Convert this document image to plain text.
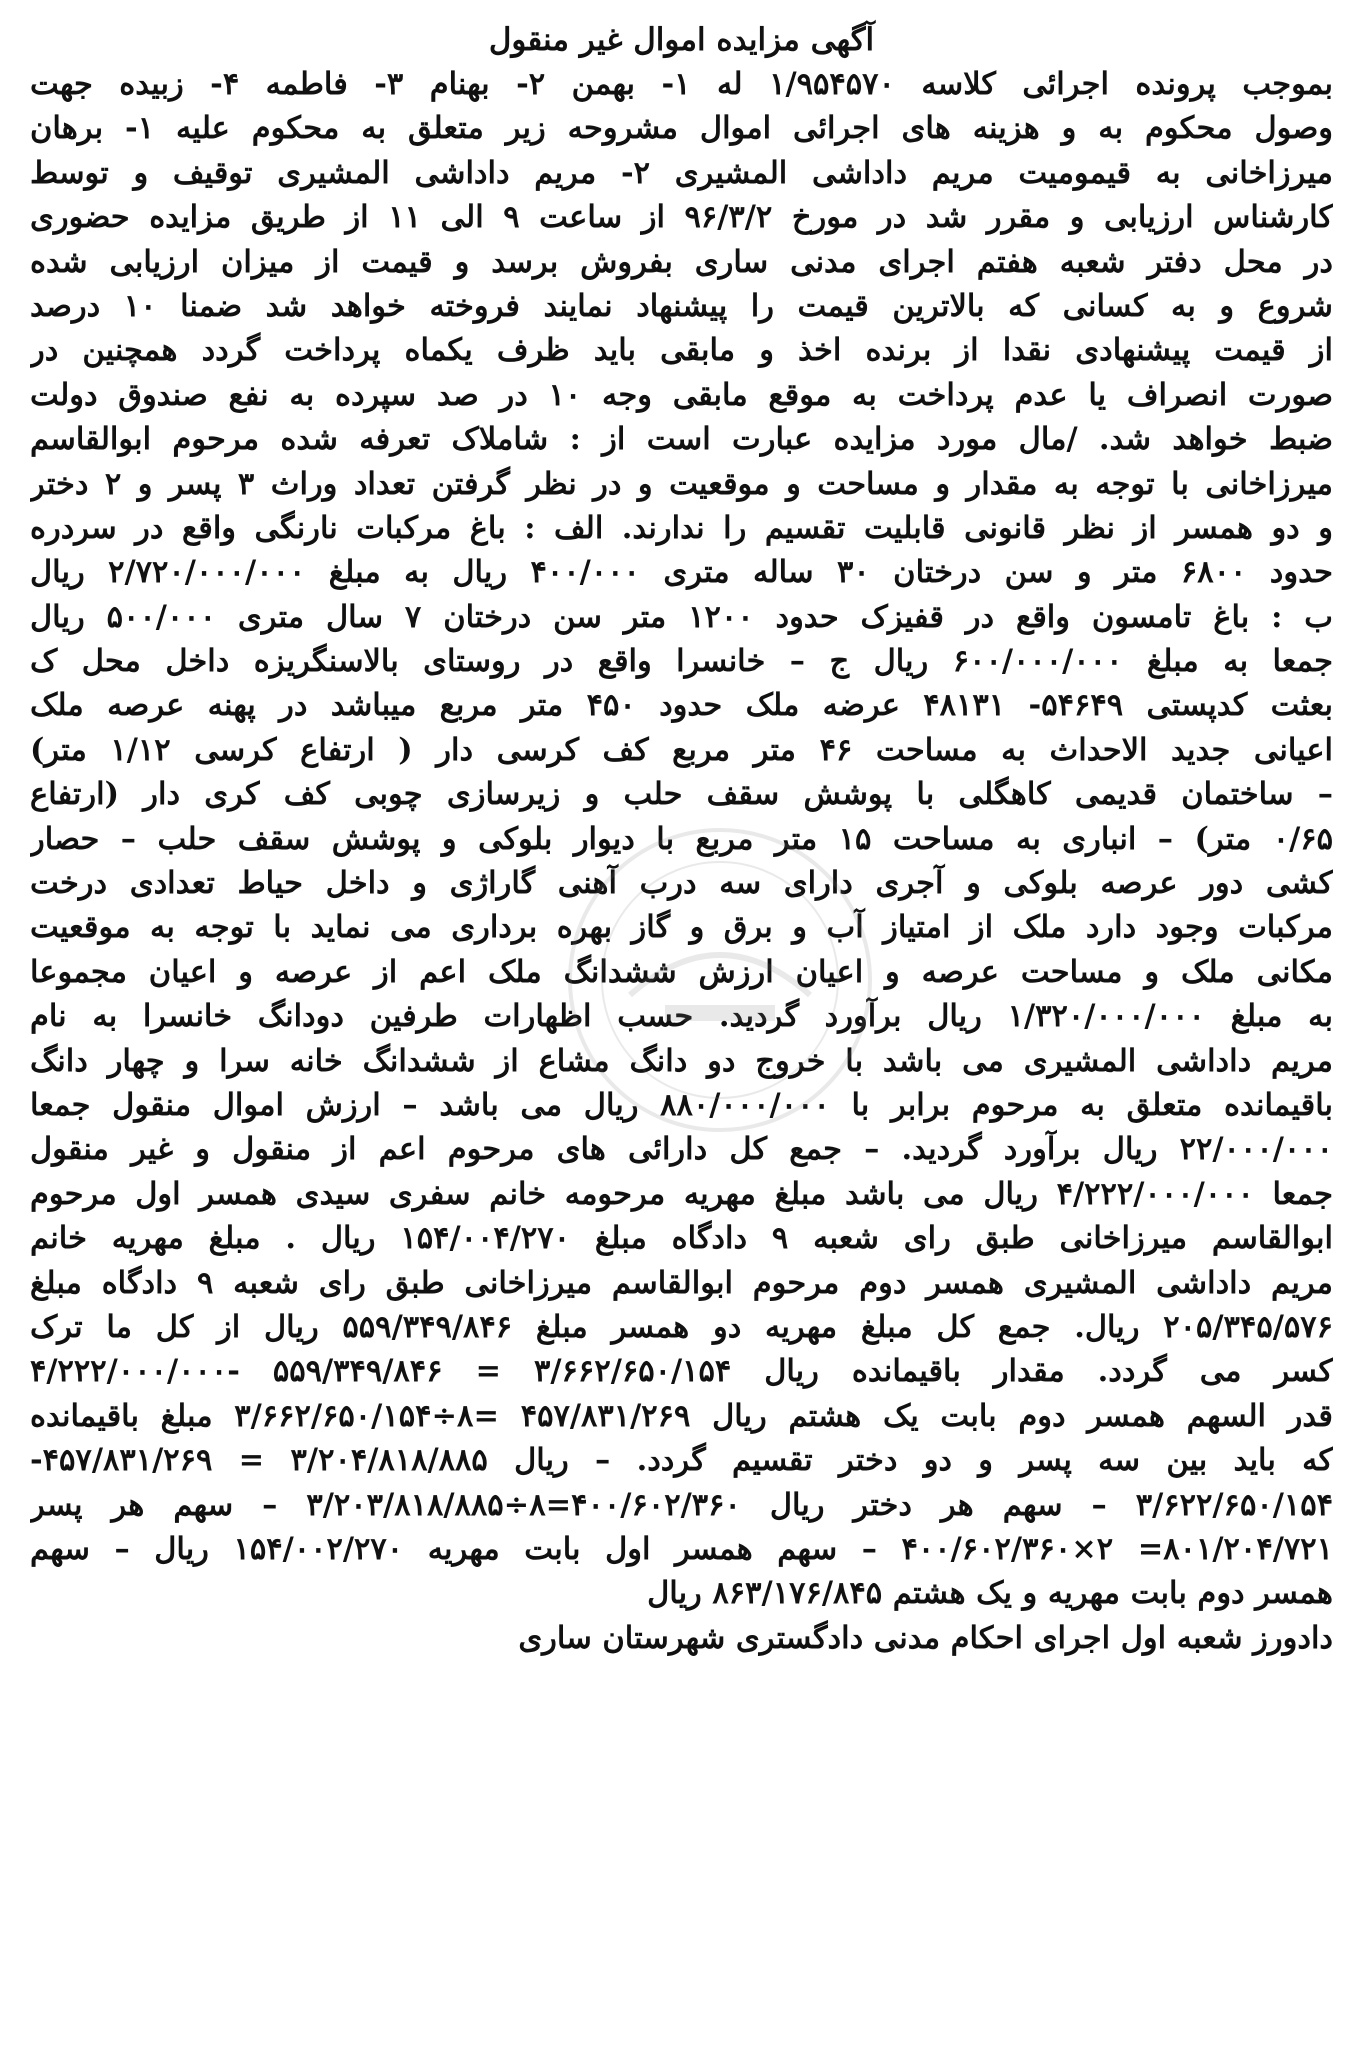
آگهی مزایده اموال غیر منقول
بموجب پرونده اجرائی کلاسه ۱/۹۵۴۵۷۰ له ۱- بهمن ۲- بهنام ۳- فاطمه ۴- زبیده جهت
وصول محکوم به و هزینه های اجرائی اموال مشروحه زیر متعلق به محکوم علیه ۱- برهان
میرزاخانی به قیمومیت مریم داداشی المشیری ۲- مریم داداشی المشیری توقیف و توسط
کارشناس ارزیابی و مقرر شد در مورخ ۹۶/۳/۲ از ساعت ۹ الی ۱۱ از طریق مزایده حضوری
در محل دفتر شعبه هفتم اجرای مدنی ساری بفروش برسد و قیمت از میزان ارزیابی شده
شروع و به کسانی که بالاترین قیمت را پیشنهاد نمایند فروخته خواهد شد ضمنا ۱۰ درصد
از قیمت پیشنهادی نقدا از برنده اخذ و مابقی باید ظرف یکماه پرداخت گردد همچنین در
صورت انصراف یا عدم پرداخت به موقع مابقی وجه ۱۰ در صد سپرده به نفع صندوق دولت
ضبط خواهد شد. /مال مورد مزایده عبارت است از : شاملاک تعرفه شده مرحوم ابوالقاسم
میرزاخانی با توجه به مقدار و مساحت و موقعیت و در نظر گرفتن تعداد وراث ۳ پسر و ۲ دختر
و دو همسر از نظر قانونی قابلیت تقسیم را ندارند. الف : باغ مرکبات نارنگی واقع در سردره
حدود ۶۸۰۰ متر و سن درختان ۳۰ ساله متری ۴۰۰/۰۰۰ ریال به مبلغ ۲/۷۲۰/۰۰۰/۰۰۰ ریال
ب : باغ تامسون واقع در قفیزک حدود ۱۲۰۰ متر سن درختان ۷ سال متری ۵۰۰/۰۰۰ ریال
جمعا به مبلغ ۶۰۰/۰۰۰/۰۰۰ ریال ج – خانسرا واقع در روستای بالاسنگریزه داخل محل ک
بعثت کدپستی ۵۴۶۴۹- ۴۸۱۳۱ عرضه ملک حدود ۴۵۰ متر مربع میباشد در پهنه عرصه ملک
اعیانی جدید الاحداث به مساحت ۴۶ متر مربع کف کرسی دار ( ارتفاع کرسی ۱/۱۲ متر)
– ساختمان قدیمی کاهگلی با پوشش سقف حلب و زیرسازی چوبی کف کری دار (ارتفاع
۰/۶۵ متر) – انباری به مساحت ۱۵ متر مربع با دیوار بلوکی و پوشش سقف حلب – حصار
کشی دور عرصه بلوکی و آجری دارای سه درب آهنی گاراژی و داخل حیاط تعدادی درخت
مرکبات وجود دارد ملک از امتیاز آب و برق و گاز بهره برداری می نماید با توجه به موقعیت
مکانی ملک و مساحت عرصه و اعیان ارزش ششدانگ ملک اعم از عرصه و اعیان مجموعا
به مبلغ ۱/۳۲۰/۰۰۰/۰۰۰ ریال برآورد گردید. حسب اظهارات طرفین دودانگ خانسرا به نام
مریم داداشی المشیری می باشد با خروج دو دانگ مشاع از ششدانگ خانه سرا و چهار دانگ
باقیمانده متعلق به مرحوم برابر با ۸۸۰/۰۰۰/۰۰۰ ریال می باشد – ارزش اموال منقول جمعا
۲۲/۰۰۰/۰۰۰ ریال برآورد گردید. – جمع کل دارائی های مرحوم اعم از منقول و غیر منقول
جمعا ۴/۲۲۲/۰۰۰/۰۰۰ ریال می باشد مبلغ مهریه مرحومه خانم سفری سیدی همسر اول مرحوم
ابوالقاسم میرزاخانی طبق رای شعبه ۹ دادگاه مبلغ ۱۵۴/۰۰۴/۲۷۰ ریال . مبلغ مهریه خانم
مریم داداشی المشیری همسر دوم مرحوم ابوالقاسم میرزاخانی طبق رای شعبه ۹ دادگاه مبلغ
۲۰۵/۳۴۵/۵۷۶ ریال. جمع کل مبلغ مهریه دو همسر مبلغ ۵۵۹/۳۴۹/۸۴۶ ریال از کل ما ترک
کسر می گردد. مقدار باقیمانده ریال ۳/۶۶۲/۶۵۰/۱۵۴ = ۵۵۹/۳۴۹/۸۴۶ -۴/۲۲۲/۰۰۰/۰۰۰
قدر السهم همسر دوم بابت یک هشتم ریال ۴۵۷/۸۳۱/۲۶۹ =۸÷۳/۶۶۲/۶۵۰/۱۵۴ مبلغ باقیمانده
که باید بین سه پسر و دو دختر تقسیم گردد. – ریال ۳/۲۰۴/۸۱۸/۸۸۵ = ۴۵۷/۸۳۱/۲۶۹-
۳/۶۲۲/۶۵۰/۱۵۴ – سهم هر دختر ریال ۴۰۰/۶۰۲/۳۶۰=۸÷۳/۲۰۳/۸۱۸/۸۸۵ – سهم هر پسر
۸۰۱/۲۰۴/۷۲۱= ۲×۴۰۰/۶۰۲/۳۶۰ – سهم همسر اول بابت مهریه ۱۵۴/۰۰۲/۲۷۰ ریال – سهم
همسر دوم بابت مهریه و یک هشتم ۸۶۳/۱۷۶/۸۴۵ ریال
دادورز شعبه اول اجرای احکام مدنی دادگستری شهرستان ساری
